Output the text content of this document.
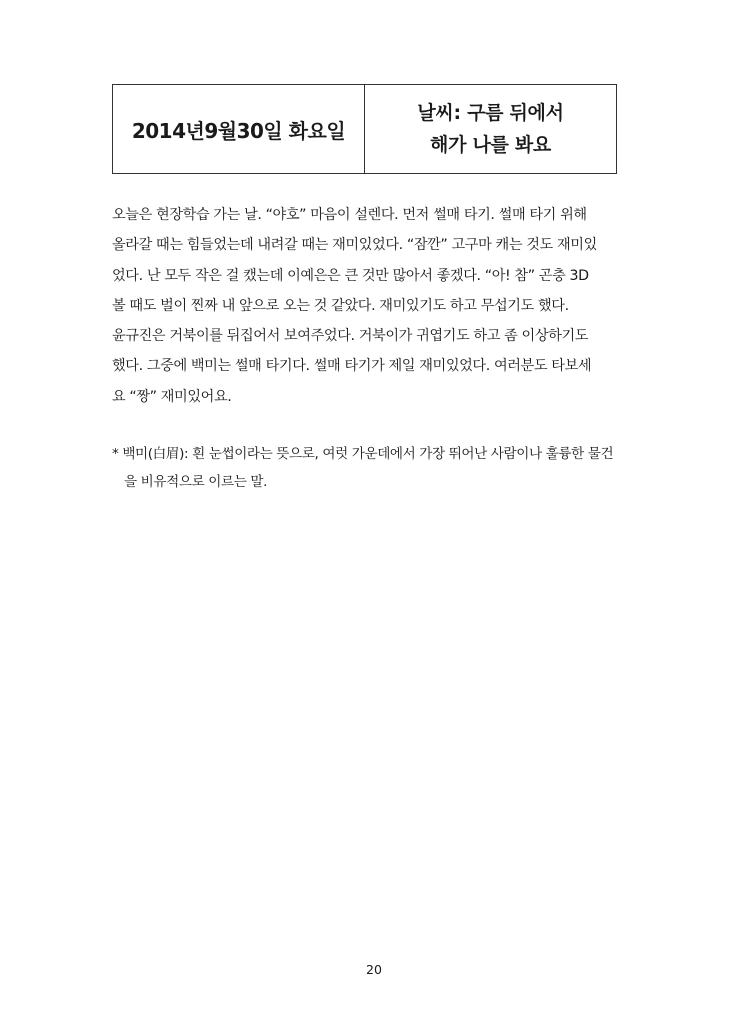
2014년9월30일 화요일
날씨: 구름 뒤에서
해가 나를 봐요
오늘은 현장학습 가는 날. “야호” 마음이 설렌다. 먼저 썰매 타기. 썰매 타기 위해
올라갈 때는 힘들었는데 내려갈 때는 재미있었다. “잠깐” 고구마 캐는 것도 재미있
었다. 난 모두 작은 걸 캤는데 이예은은 큰 것만 많아서 좋겠다. “아! 참” 곤충 3D
볼 때도 벌이 찐짜 내 앞으로 오는 것 같았다. 재미있기도 하고 무섭기도 했다.
윤규진은 거북이를 뒤집어서 보여주었다. 거북이가 귀엽기도 하고 좀 이상하기도
했다. 그중에 백미는 썰매 타기다. 썰매 타기가 제일 재미있었다. 여러분도 타보세
요 “짱” 재미있어요.
* 백미(白眉): 흰 눈썹이라는 뜻으로, 여럿 가운데에서 가장 뛰어난 사람이나 훌륭한 물건
을 비유적으로 이르는 말.
20
